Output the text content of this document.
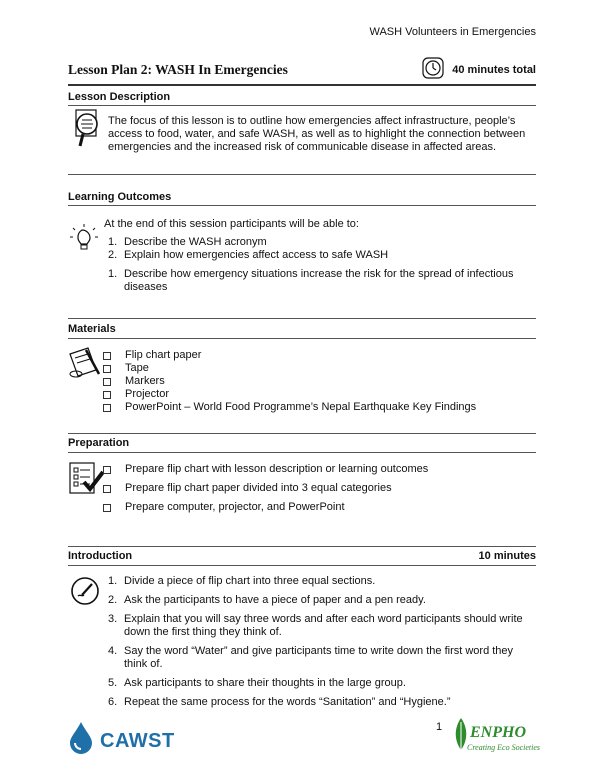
WASH Volunteers in Emergencies
Lesson Plan 2: WASH In Emergencies	40 minutes total
Lesson Description
The focus of this lesson is to outline how emergencies affect infrastructure, people’s
access to food, water, and safe WASH, as well as to highlight the connection between
emergencies and the increased risk of communicable disease in affected areas.
Learning Outcomes
At the end of this session participants will be able to:
1. Describe the WASH acronym
2. Explain how emergencies affect access to safe WASH
1. Describe how emergency situations increase the risk for the spread of infectious diseases
Materials
Flip chart paper
Tape
Markers
Projector
PowerPoint – World Food Programme’s Nepal Earthquake Key Findings
Preparation
Prepare flip chart with lesson description or learning outcomes
Prepare flip chart paper divided into 3 equal categories
Prepare computer, projector, and PowerPoint
Introduction	10 minutes
1. Divide a piece of flip chart into three equal sections.
2. Ask the participants to have a piece of paper and a pen ready.
3. Explain that you will say three words and after each word participants should write down the first thing they think of.
4. Say the word “Water” and give participants time to write down the first word they think of.
5. Ask participants to share their thoughts in the large group.
6. Repeat the same process for the words “Sanitation” and “Hygiene.”
CAWST
1 ENPHO
Creating Eco Societies
